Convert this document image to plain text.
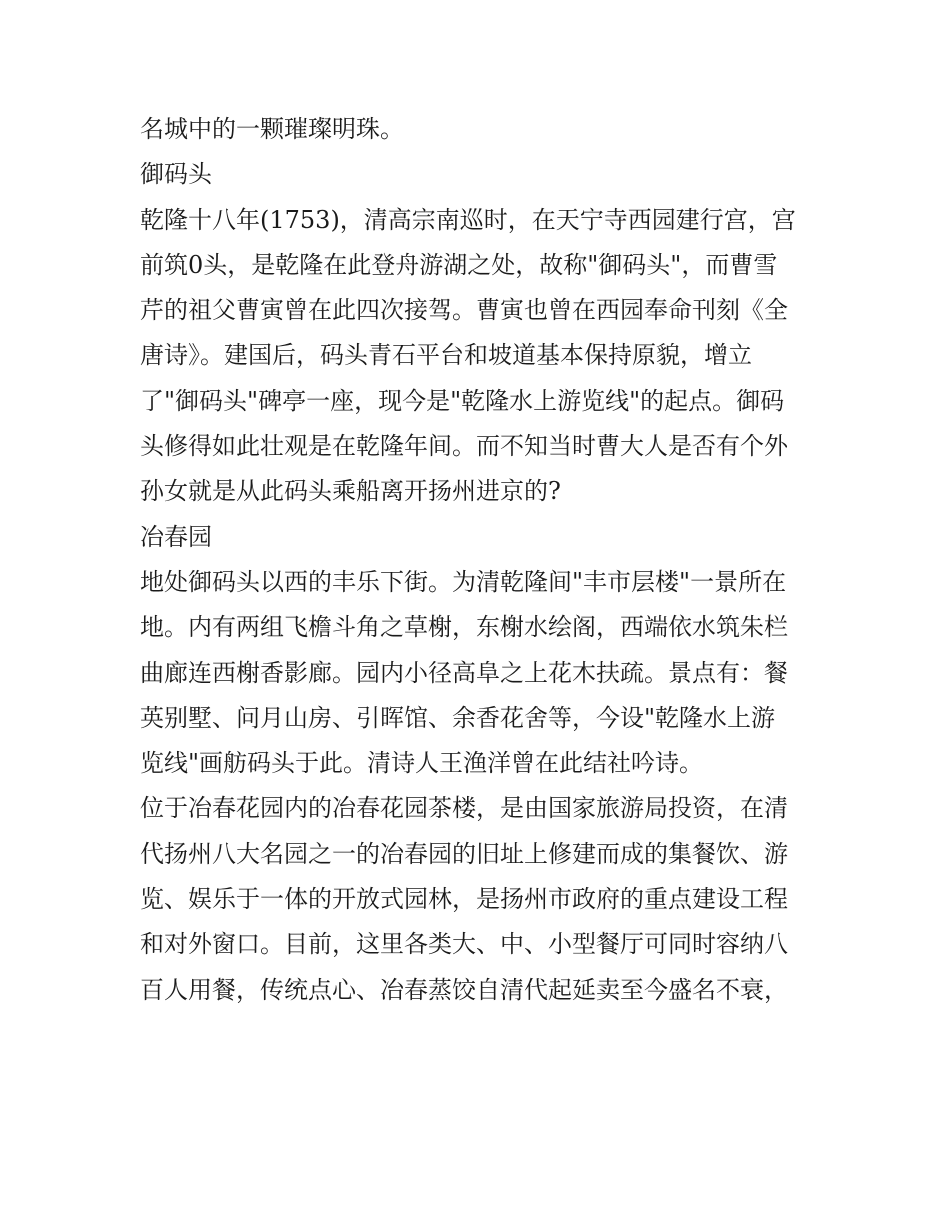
名城中的一颗璀璨明珠。
御码头
乾隆十八年(1753)，清高宗南巡时，在天宁寺西园建行宫，宫
前筑0头，是乾隆在此登舟游湖之处，故称"御码头"，而曹雪
芹的祖父曹寅曾在此四次接驾。曹寅也曾在西园奉命刊刻《全
唐诗》。建国后，码头青石平台和坡道基本保持原貌，增立
了"御码头"碑亭一座，现今是"乾隆水上游览线"的起点。御码
头修得如此壮观是在乾隆年间。而不知当时曹大人是否有个外
孙女就是从此码头乘船离开扬州进京的?
冶春园
地处御码头以西的丰乐下街。为清乾隆间"丰市层楼"一景所在
地。内有两组飞檐斗角之草榭，东榭水绘阁，西端依水筑朱栏
曲廊连西榭香影廊。园内小径高阜之上花木扶疏。景点有：餐
英别墅、问月山房、引晖馆、余香花舍等，今设"乾隆水上游
览线"画舫码头于此。清诗人王渔洋曾在此结社吟诗。
位于冶春花园内的冶春花园茶楼，是由国家旅游局投资，在清
代扬州八大名园之一的冶春园的旧址上修建而成的集餐饮、游
览、娱乐于一体的开放式园林，是扬州市政府的重点建设工程
和对外窗口。目前，这里各类大、中、小型餐厅可同时容纳八
百人用餐，传统点心、冶春蒸饺自清代起延卖至今盛名不衰，
